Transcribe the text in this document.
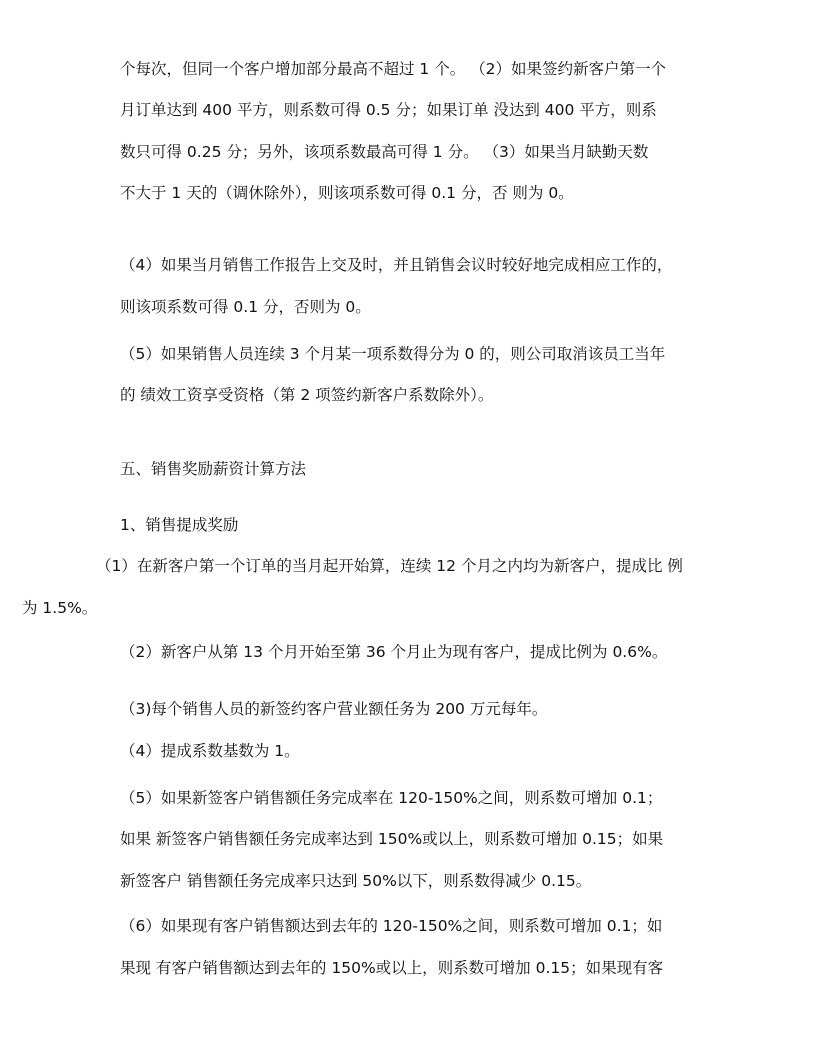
个每次，但同一个客户增加部分最高不超过 1 个。 （2）如果签约新客户第一个
月订单达到 400 平方，则系数可得 0.5 分；如果订单 没达到 400 平方，则系
数只可得 0.25 分；另外，该项系数最高可得 1 分。 （3）如果当月缺勤天数
不大于 1 天的（调休除外），则该项系数可得 0.1 分，否 则为 0。
（4）如果当月销售工作报告上交及时，并且销售会议时较好地完成相应工作的，
则该项系数可得 0.1 分，否则为 0。
（5）如果销售人员连续 3 个月某一项系数得分为 0 的，则公司取消该员工当年
的 绩效工资享受资格（第 2 项签约新客户系数除外）。
五、销售奖励薪资计算方法
1、销售提成奖励
（1）在新客户第一个订单的当月起开始算，连续 12 个月之内均为新客户，提成比 例
为 1.5%。
（2）新客户从第 13 个月开始至第 36 个月止为现有客户，提成比例为 0.6%。
（3)每个销售人员的新签约客户营业额任务为 200 万元每年。
（4）提成系数基数为 1。
（5）如果新签客户销售额任务完成率在 120-150%之间，则系数可增加 0.1；
如果 新签客户销售额任务完成率达到 150%或以上，则系数可增加 0.15；如果
新签客户 销售额任务完成率只达到 50%以下，则系数得减少 0.15。
（6）如果现有客户销售额达到去年的 120-150%之间，则系数可增加 0.1；如
果现 有客户销售额达到去年的 150%或以上，则系数可增加 0.15；如果现有客
